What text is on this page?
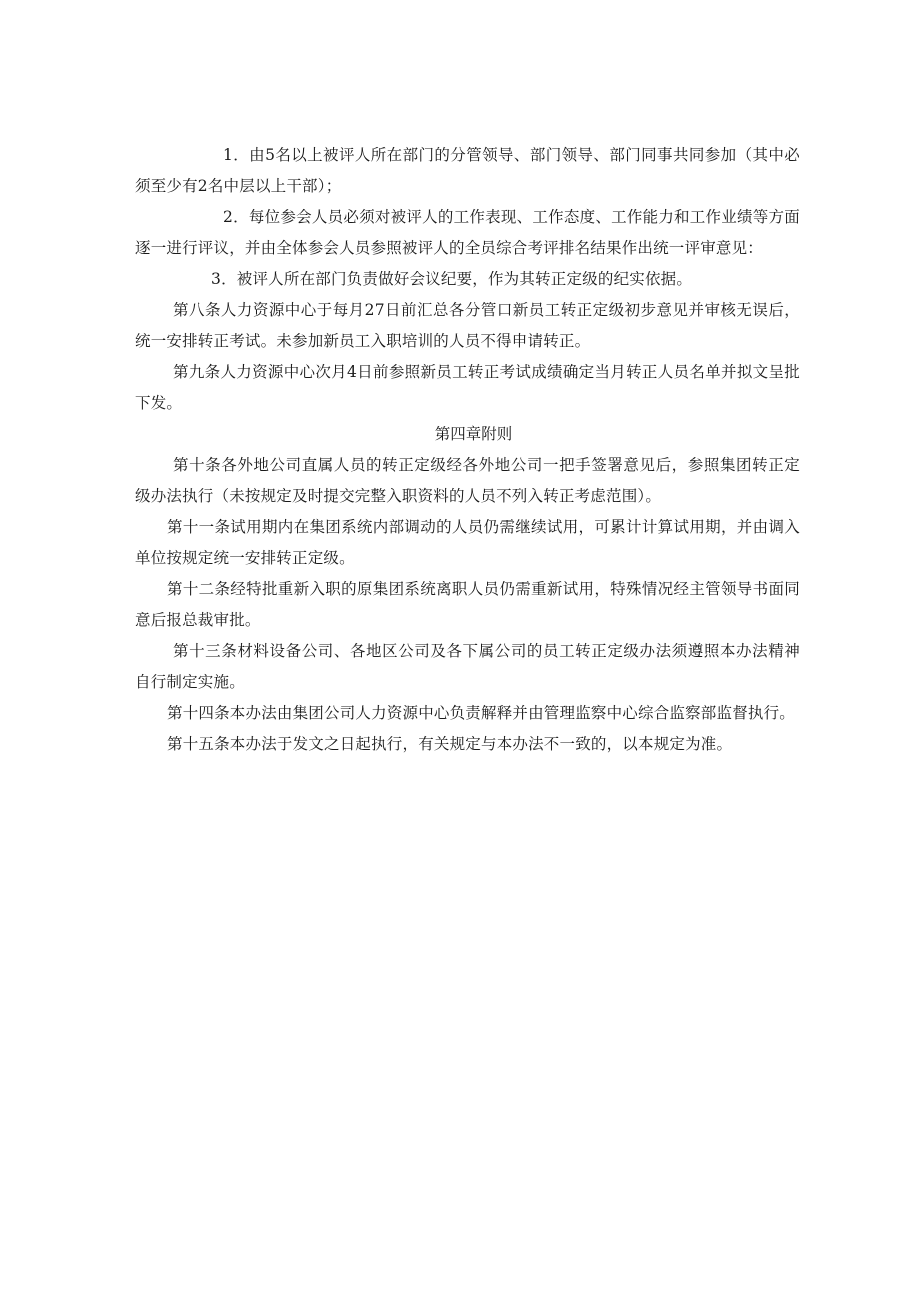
1．由5名以上被评人所在部门的分管领导、部门领导、部门同事共同参加（其中必须至少有2名中层以上干部）；

2．每位参会人员必须对被评人的工作表现、工作态度、工作能力和工作业绩等方面逐一进行评议，并由全体参会人员参照被评人的全员综合考评排名结果作出统一评审意见：

3．被评人所在部门负责做好会议纪要，作为其转正定级的纪实依据。

第八条人力资源中心于每月27日前汇总各分管口新员工转正定级初步意见并审核无误后，统一安排转正考试。未参加新员工入职培训的人员不得申请转正。

第九条人力资源中心次月4日前参照新员工转正考试成绩确定当月转正人员名单并拟文呈批下发。

第四章附则

第十条各外地公司直属人员的转正定级经各外地公司一把手签署意见后，参照集团转正定级办法执行（未按规定及时提交完整入职资料的人员不列入转正考虑范围）。

第十一条试用期内在集团系统内部调动的人员仍需继续试用，可累计计算试用期，并由调入单位按规定统一安排转正定级。

第十二条经特批重新入职的原集团系统离职人员仍需重新试用，特殊情况经主管领导书面同意后报总裁审批。

第十三条材料设备公司、各地区公司及各下属公司的员工转正定级办法须遵照本办法精神自行制定实施。

第十四条本办法由集团公司人力资源中心负责解释并由管理监察中心综合监察部监督执行。

第十五条本办法于发文之日起执行，有关规定与本办法不一致的，以本规定为准。
